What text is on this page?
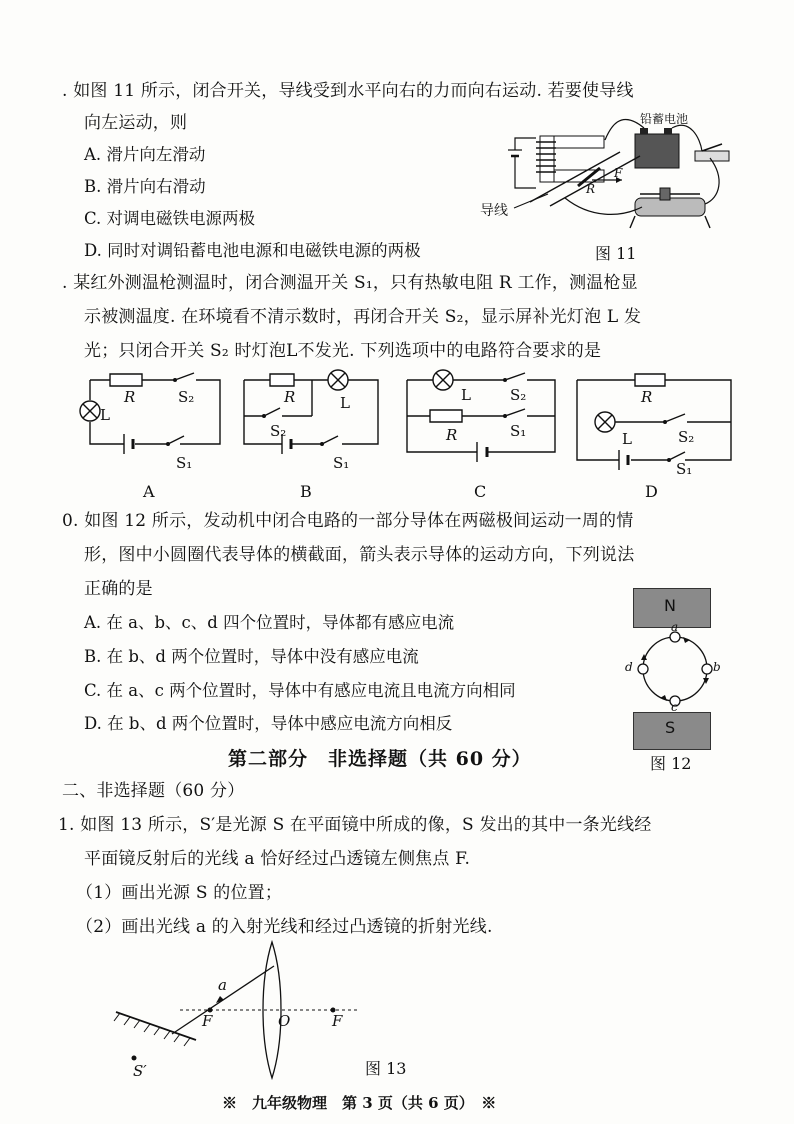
. 如图 11 所示，闭合开关，导线受到水平向右的力而向右运动. 若要使导线
向左运动，则
A. 滑片向左滑动
B. 滑片向右滑动
C. 对调电磁铁电源两极
D. 同时对调铅蓄电池电源和电磁铁电源的两极
铅蓄电池
导线
F
R
图 11
. 某红外测温枪测温时，闭合测温开关 S₁，只有热敏电阻 R 工作，测温枪显
示被测温度. 在环境看不清示数时，再闭合开关 S₂，显示屏补光灯泡 L 发
光；只闭合开关 S₂ 时灯泡L不发光. 下列选项中的电路符合要求的是
R
L
S₂
S₁
A
R	L
S₂
S₁
B
L	S₂
R	S₁
C
R
L	S₂
S₁
D
0. 如图 12 所示，发动机中闭合电路的一部分导体在两磁极间运动一周的情
形，图中小圆圈代表导体的横截面，箭头表示导体的运动方向，下列说法
正确的是
A. 在 a、b、c、d 四个位置时，导体都有感应电流
B. 在 b、d 两个位置时，导体中没有感应电流
C. 在 a、c 两个位置时，导体中有感应电流且电流方向相同
D. 在 b、d 两个位置时，导体中感应电流方向相反
N
S
a
b
c
d
图 12
第二部分　非选择题（共 60 分）
二、非选择题（60 分）
1. 如图 13 所示，S′是光源 S 在平面镜中所成的像，S 发出的其中一条光线经
平面镜反射后的光线 a 恰好经过凸透镜左侧焦点 F.
（1）画出光源 S 的位置；
（2）画出光线 a 的入射光线和经过凸透镜的折射光线.
a
F	O	F
S′	图 13
※　九年级物理　第 3 页（共 6 页）　※
